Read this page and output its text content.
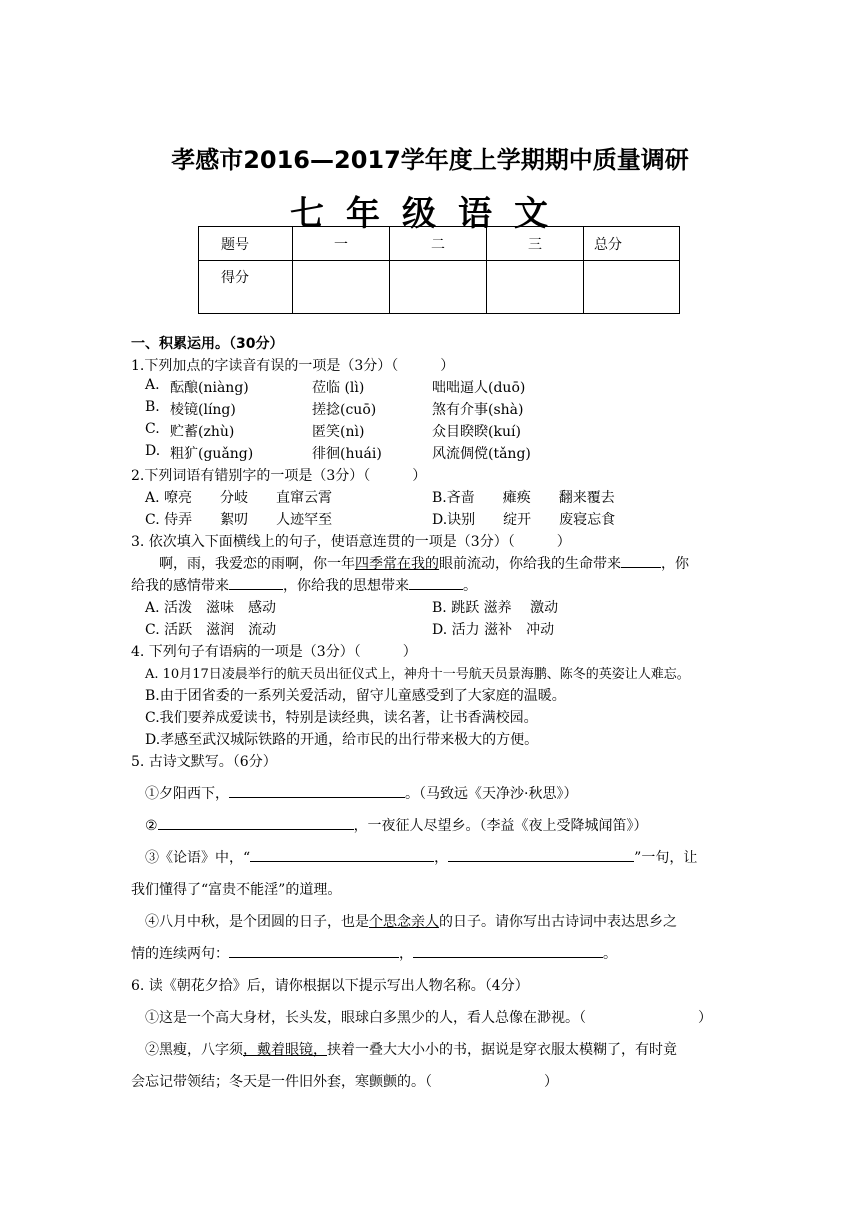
孝感市2016—2017学年度上学期期中质量调研
七年级语文
题号	一	二	三	总分
得分				
一、积累运用。（30分）
1.下列加点的字读音有误的一项是（3分）（　　　）
A. 酝酿(niàng)	莅临 (lì)	咄咄逼人(duō)
B. 棱镜(líng)	搓捻(cuō)	煞有介事(shà)
C. 贮蓄(zhù)	匿笑(nì)	众目睽睽(kuí)
D. 粗犷(guǎng)	徘徊(huái)	风流倜傥(tǎng)
2.下列词语有错别字的一项是（3分）（　　　）
A. 嘹亮　　分岐　　直窜云霄	B.吝啬　　瘫痪　　翻来覆去
C. 侍弄　　絮叨　　人迹罕至	D.诀别　　绽开　　废寝忘食
3. 依次填入下面横线上的句子，使语意连贯的一项是（3分）（　　　）
啊，雨，我爱恋的雨啊，你一年四季常在我的眼前流动，你给我的生命带来	，你
给我的感情带来	，你给我的思想带来	。
A. 活泼　滋味　感动	B. 跳跃 滋养　 激动
C. 活跃　滋润　流动	D. 活力 滋补　冲动
4. 下列句子有语病的一项是（3分）（　　　）
A. 10月17日凌晨举行的航天员出征仪式上，神舟十一号航天员景海鹏、陈冬的英姿让人难忘。
B.由于团省委的一系列关爱活动，留守儿童感受到了大家庭的温暖。
C.我们要养成爱读书，特别是读经典，读名著，让书香满校园。
D.孝感至武汉城际铁路的开通，给市民的出行带来极大的方便。
5. 古诗文默写。（6分）
①夕阳西下，	。（马致远《天净沙·秋思》）
②	，一夜征人尽望乡。（李益《夜上受降城闻笛》）
③《论语》中，“	，	”一句，让
我们懂得了“富贵不能淫”的道理。
④八月中秋，是个团圆的日子，也是个思念亲人的日子。请你写出古诗词中表达思乡之
情的连续两句：	，	。
6. 读《朝花夕拾》后，请你根据以下提示写出人物名称。（4分）
①这是一个高大身材，长头发，眼球白多黑少的人，看人总像在渺视。（　　　　　　　　）
②黑瘦，八字须，戴着眼镜，挟着一叠大大小小的书，据说是穿衣服太模糊了，有时竟
会忘记带领结；冬天是一件旧外套，寒颤颤的。（　　　　　　　　）
